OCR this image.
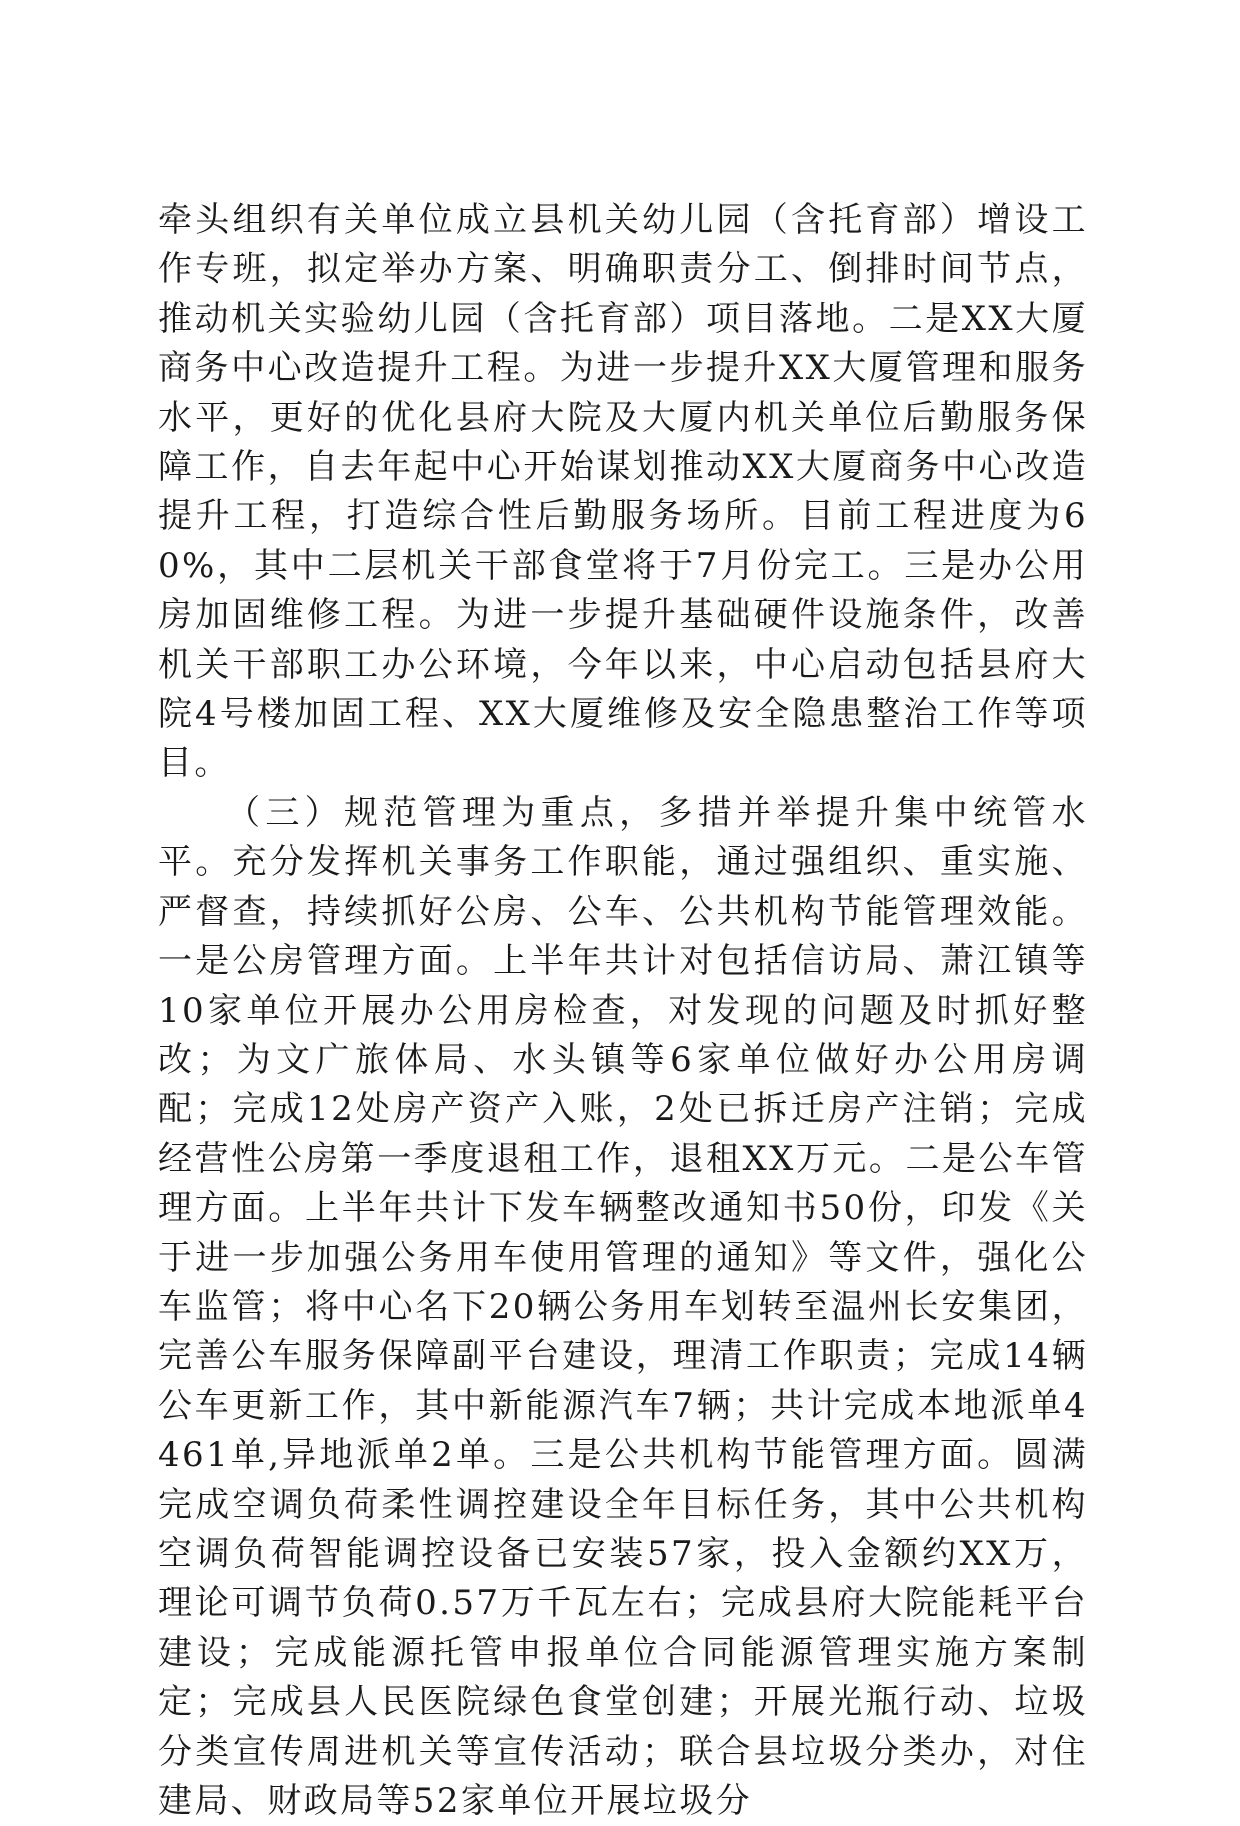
牵头组织有关单位成立县机关幼儿园（含托育部）增设工作专班，拟定举办方案、明确职责分工、倒排时间节点，推动机关实验幼儿园（含托育部）项目落地。二是XX大厦商务中心改造提升工程。为进一步提升XX大厦管理和服务水平，更好的优化县府大院及大厦内机关单位后勤服务保障工作，自去年起中心开始谋划推动XX大厦商务中心改造提升工程，打造综合性后勤服务场所。目前工程进度为60%，其中二层机关干部食堂将于7月份完工。三是办公用房加固维修工程。为进一步提升基础硬件设施条件，改善机关干部职工办公环境，今年以来，中心启动包括县府大院4号楼加固工程、XX大厦维修及安全隐患整治工作等项目。

（三）规范管理为重点，多措并举提升集中统管水平。充分发挥机关事务工作职能，通过强组织、重实施、严督查，持续抓好公房、公车、公共机构节能管理效能。一是公房管理方面。上半年共计对包括信访局、萧江镇等10家单位开展办公用房检查，对发现的问题及时抓好整改；为文广旅体局、水头镇等6家单位做好办公用房调配；完成12处房产资产入账，2处已拆迁房产注销；完成经营性公房第一季度退租工作，退租XX万元。二是公车管理方面。上半年共计下发车辆整改通知书50份，印发《关于进一步加强公务用车使用管理的通知》等文件，强化公车监管；将中心名下20辆公务用车划转至温州长安集团，完善公车服务保障副平台建设，理清工作职责；完成14辆公车更新工作，其中新能源汽车7辆；共计完成本地派单4461单,异地派单2单。三是公共机构节能管理方面。圆满完成空调负荷柔性调控建设全年目标任务，其中公共机构空调负荷智能调控设备已安装57家，投入金额约XX万，理论可调节负荷0.57万千瓦左右；完成县府大院能耗平台建设；完成能源托管申报单位合同能源管理实施方案制定；完成县人民医院绿色食堂创建；开展光瓶行动、垃圾分类宣传周进机关等宣传活动；联合县垃圾分类办，对住建局、财政局等52家单位开展垃圾分
